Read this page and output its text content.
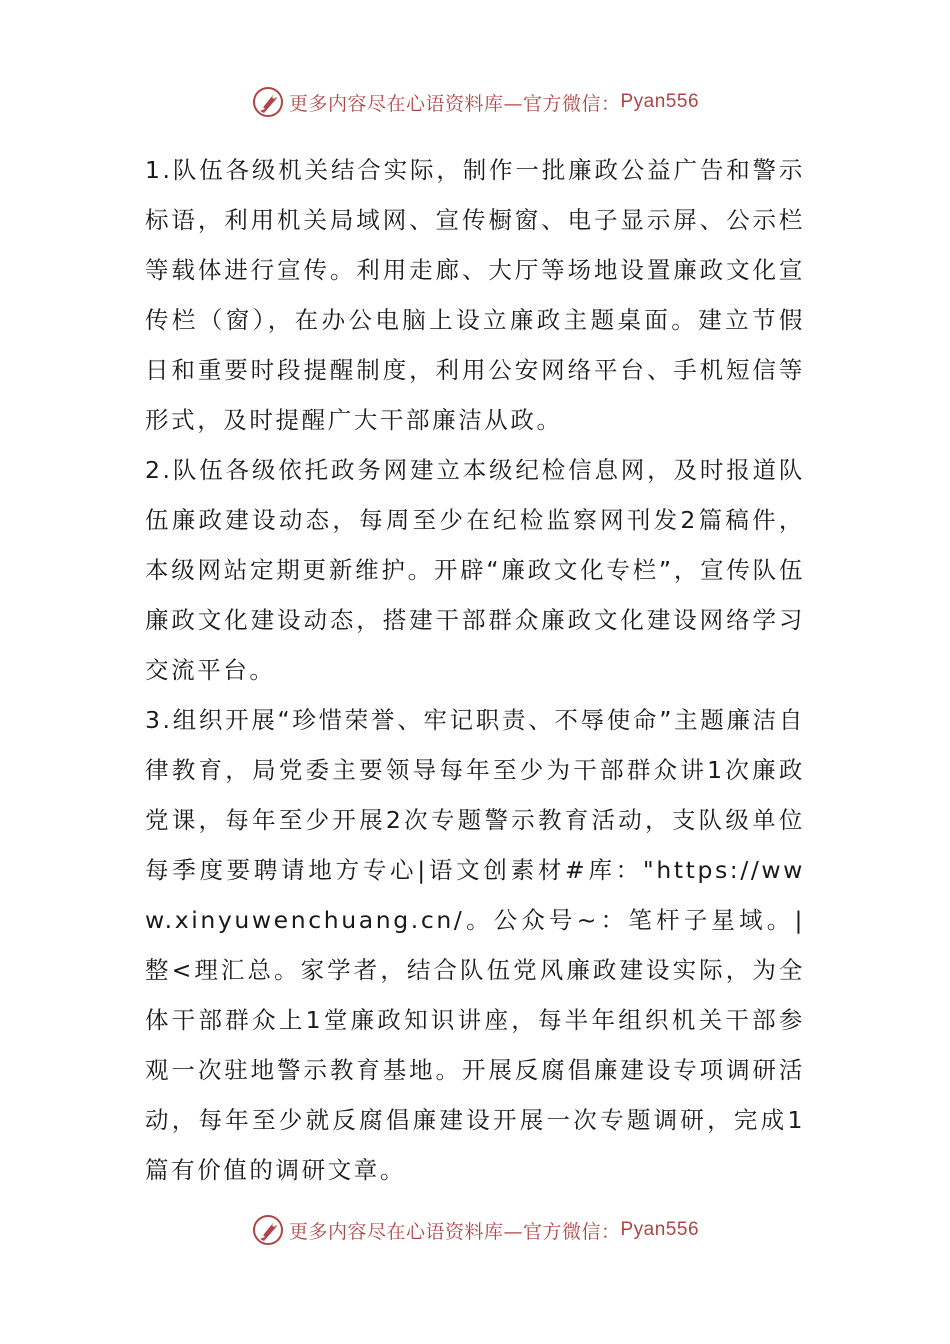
更多内容尽在心语资料库—官方微信： Pyan556

1.队伍各级机关结合实际，制作一批廉政公益广告和警示标语，利用机关局域网、宣传橱窗、电子显示屏、公示栏等载体进行宣传。利用走廊、大厅等场地设置廉政文化宣传栏（窗），在办公电脑上设立廉政主题桌面。建立节假日和重要时段提醒制度，利用公安网络平台、手机短信等形式，及时提醒广大干部廉洁从政。

2.队伍各级依托政务网建立本级纪检信息网，及时报道队伍廉政建设动态，每周至少在纪检监察网刊发2篇稿件，本级网站定期更新维护。开辟“廉政文化专栏”，宣传队伍廉政文化建设动态，搭建干部群众廉政文化建设网络学习交流平台。

3.组织开展“珍惜荣誉、牢记职责、不辱使命”主题廉洁自律教育，局党委主要领导每年至少为干部群众讲1次廉政党课，每年至少开展2次专题警示教育活动，支队级单位每季度要聘请地方专心|语文创素材#库："https://www.xinyuwenchuang.cn/。公众号~：笔杆子星域。|整<理汇总。家学者，结合队伍党风廉政建设实际，为全体干部群众上1堂廉政知识讲座，每半年组织机关干部参观一次驻地警示教育基地。开展反腐倡廉建设专项调研活动，每年至少就反腐倡廉建设开展一次专题调研，完成1篇有价值的调研文章。

更多内容尽在心语资料库—官方微信： Pyan556
